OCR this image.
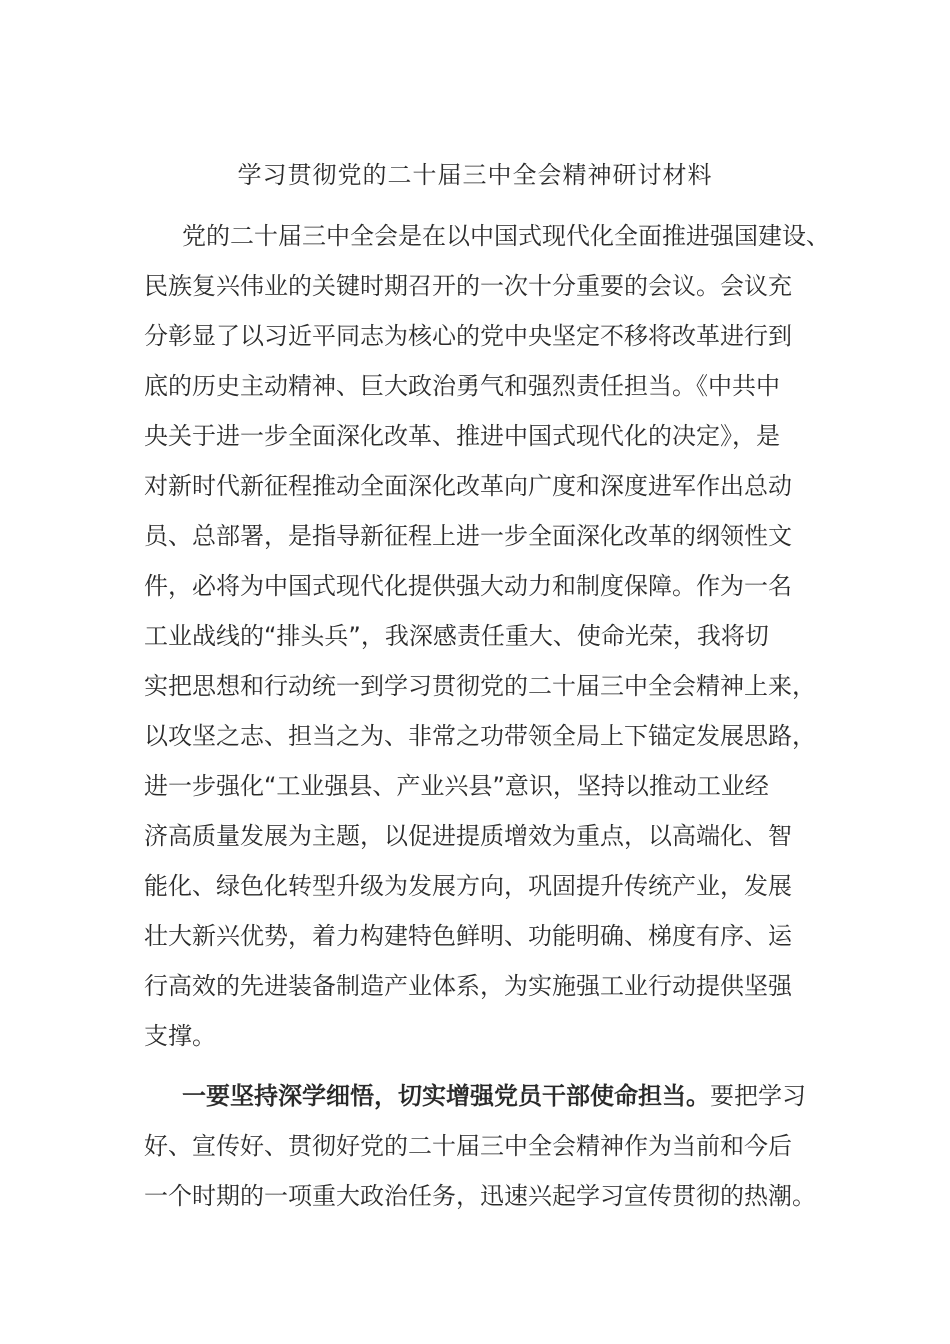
学习贯彻党的二十届三中全会精神研讨材料
党的二十届三中全会是在以中国式现代化全面推进强国建设、
民族复兴伟业的关键时期召开的一次十分重要的会议。会议充
分彰显了以习近平同志为核心的党中央坚定不移将改革进行到
底的历史主动精神、巨大政治勇气和强烈责任担当。《中共中
央关于进一步全面深化改革、推进中国式现代化的决定》，是
对新时代新征程推动全面深化改革向广度和深度进军作出总动
员、总部署，是指导新征程上进一步全面深化改革的纲领性文
件，必将为中国式现代化提供强大动力和制度保障。作为一名
工业战线的“排头兵”，我深感责任重大、使命光荣，我将切
实把思想和行动统一到学习贯彻党的二十届三中全会精神上来，
以攻坚之志、担当之为、非常之功带领全局上下锚定发展思路，
进一步强化“工业强县、产业兴县”意识，坚持以推动工业经
济高质量发展为主题，以促进提质增效为重点，以高端化、智
能化、绿色化转型升级为发展方向，巩固提升传统产业，发展
壮大新兴优势，着力构建特色鲜明、功能明确、梯度有序、运
行高效的先进装备制造产业体系，为实施强工业行动提供坚强
支撑。
一要坚持深学细悟，切实增强党员干部使命担当。要把学习
好、宣传好、贯彻好党的二十届三中全会精神作为当前和今后
一个时期的一项重大政治任务，迅速兴起学习宣传贯彻的热潮。
